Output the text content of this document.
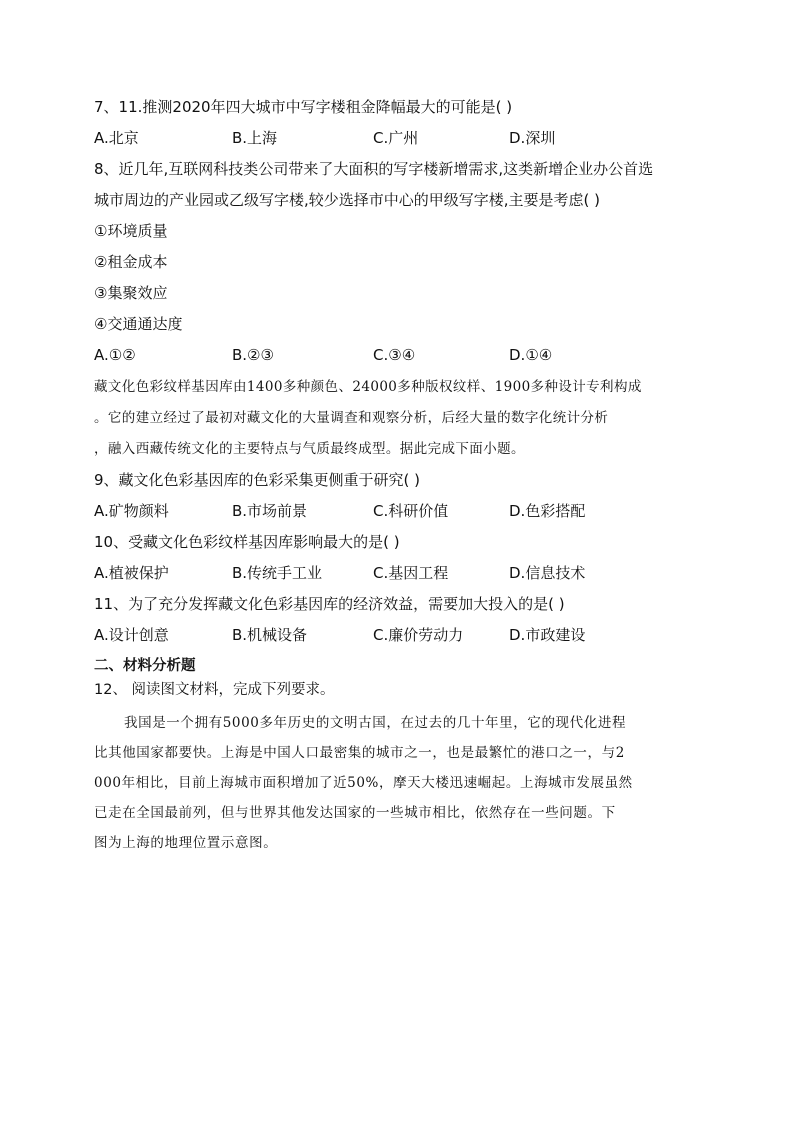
7、11.推测2020年四大城市中写字楼租金降幅最大的可能是( )
A.北京	B.上海	C.广州	D.深圳
8、近几年,互联网科技类公司带来了大面积的写字楼新增需求,这类新增企业办公首选
城市周边的产业园或乙级写字楼,较少选择市中心的甲级写字楼,主要是考虑( )
①环境质量
②租金成本
③集聚效应
④交通通达度
A.①②	B.②③	C.③④	D.①④
藏文化色彩纹样基因库由1400多种颜色、24000多种版权纹样、1900多种设计专利构成
。它的建立经过了最初对藏文化的大量调查和观察分析，后经大量的数字化统计分析
，融入西藏传统文化的主要特点与气质最终成型。据此完成下面小题。
9、藏文化色彩基因库的色彩采集更侧重于研究( )
A.矿物颜料	B.市场前景	C.科研价值	D.色彩搭配
10、受藏文化色彩纹样基因库影响最大的是( )
A.植被保护	B.传统手工业	C.基因工程	D.信息技术
11、为了充分发挥藏文化色彩基因库的经济效益，需要加大投入的是( )
A.设计创意	B.机械设备	C.廉价劳动力	D.市政建设
二、材料分析题
12、 阅读图文材料，完成下列要求。
我国是一个拥有5000多年历史的文明古国，在过去的几十年里，它的现代化进程
比其他国家都要快。上海是中国人口最密集的城市之一，也是最繁忙的港口之一，与2
000年相比，目前上海城市面积增加了近50%，摩天大楼迅速崛起。上海城市发展虽然
已走在全国最前列，但与世界其他发达国家的一些城市相比，依然存在一些问题。下
图为上海的地理位置示意图。
